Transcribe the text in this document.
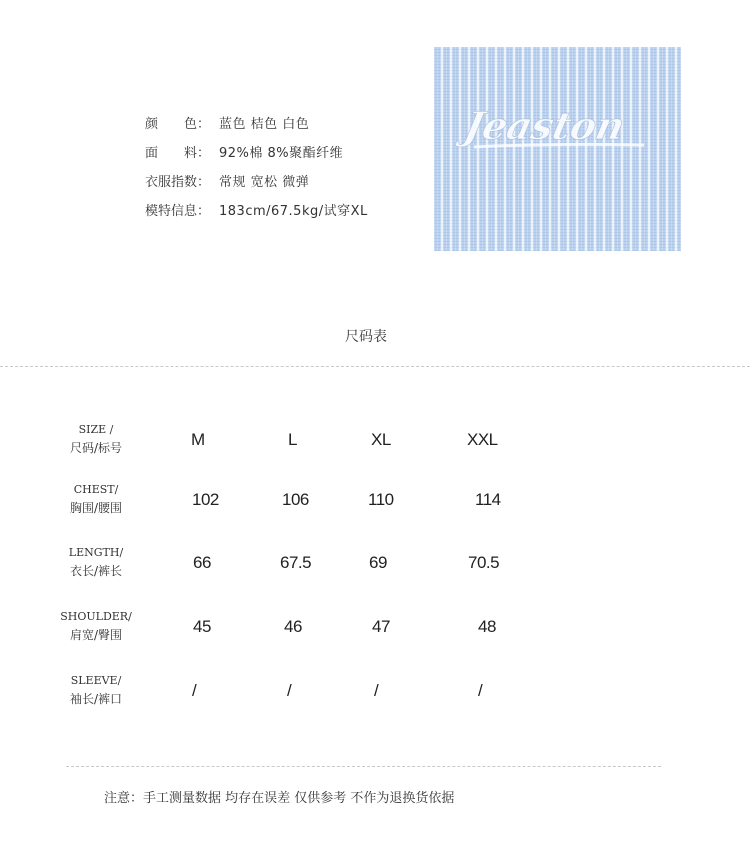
颜　　色： 蓝色 桔色 白色
面　　料： 92%棉 8%聚酯纤维
衣服指数： 常规 宽松 微弹
模特信息： 183cm/67.5kg/试穿XL
Jeaston
尺码表
SIZE /
尺码/标号	M	L	XL	XXL
CHEST/
胸围/腰围	102	106	110	114
LENGTH/
衣长/裤长	66	67.5	69	70.5
SHOULDER/
肩宽/臀围	45	46	47	48
SLEEVE/
袖长/裤口	/	/	/	/
注意：手工测量数据 均存在误差 仅供参考 不作为退换货依据
